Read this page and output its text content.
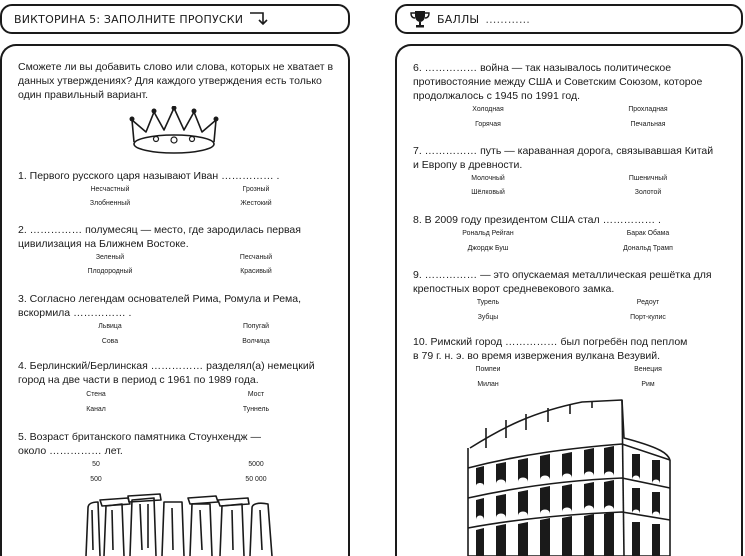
ВИКТОРИНА 5: ЗАПОЛНИТЕ ПРОПУСКИ	БАЛЛЫ …………
Сможете ли вы добавить слово или слова, которых не хватает в данных утверждениях? Для каждого утверждения есть только один правильный вариант.
1. Первого русского царя называют Иван …………… .
Несчастный	Грозный
Злобненный	Жестокий
2. …………… полумесяц — место, где зародилась первая
цивилизация на Ближнем Востоке.
Зеленый	Песчаный
Плодородный	Красивый
3. Согласно легендам основателей Рима, Ромула и Рема,
вскормила …………… .
Львица	Попугай
Сова	Волчица
4. Берлинский/Берлинская …………… разделял(а) немецкий
город на две части в период с 1961 по 1989 года.
Стена	Мост
Канал	Туннель
5. Возраст британского памятника Стоунхендж —
около …………… лет.
50	5000
500	50 000
6. …………… война — так называлось политическое
противостояние между США и Советским Союзом, которое
продолжалось с 1945 по 1991 год.
Холодная	Прохладная
Горячая	Печальная
7. …………… путь — караванная дорога, связывавшая Китай
и Европу в древности.
Молочный	Пшеничный
Шёлковый	Золотой
8. В 2009 году президентом США стал …………… .
Рональд Рейган	Барак Обама
Джордж Буш	Дональд Трамп
9. …………… — это опускаемая металлическая решётка для
крепостных ворот средневекового замка.
Турель	Редоут
Зубцы	Порт-кулис
10. Римский город …………… был погребён под пеплом
в 79 г. н. э. во время извержения вулкана Везувий.
Помпеи	Венеция
Милан	Рим
